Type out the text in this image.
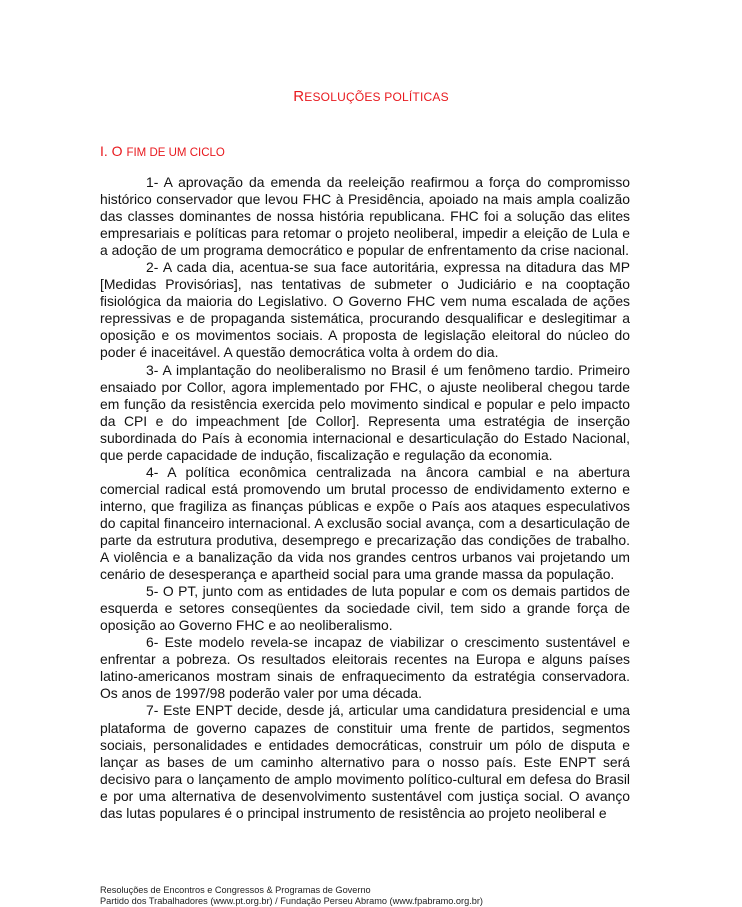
RESOLUÇÕES POLÍTICAS
I. O FIM DE UM CICLO

1- A aprovação da emenda da reeleição reafirmou a força do compromisso histórico conservador que levou FHC à Presidência, apoiado na mais ampla coalizão das classes dominantes de nossa história republicana. FHC foi a solução das elites empresariais e políticas para retomar o projeto neoliberal, impedir a eleição de Lula e a adoção de um programa democrático e popular de enfrentamento da crise nacional.

2- A cada dia, acentua-se sua face autoritária, expressa na ditadura das MP [Medidas Provisórias], nas tentativas de submeter o Judiciário e na cooptação fisiológica da maioria do Legislativo. O Governo FHC vem numa escalada de ações repressivas e de propaganda sistemática, procurando desqualificar e deslegitimar a oposição e os movimentos sociais. A proposta de legislação eleitoral do núcleo do poder é inaceitável. A questão democrática volta à ordem do dia.

3- A implantação do neoliberalismo no Brasil é um fenômeno tardio. Primeiro ensaiado por Collor, agora implementado por FHC, o ajuste neoliberal chegou tarde em função da resistência exercida pelo movimento sindical e popular e pelo impacto da CPI e do impeachment [de Collor]. Representa uma estratégia de inserção subordinada do País à economia internacional e desarticulação do Estado Nacional, que perde capacidade de indução, fiscalização e regulação da economia.

4- A política econômica centralizada na âncora cambial e na abertura comercial radical está promovendo um brutal processo de endividamento externo e interno, que fragiliza as finanças públicas e expõe o País aos ataques especulativos do capital financeiro internacional. A exclusão social avança, com a desarticulação de parte da estrutura produtiva, desemprego e precarização das condições de trabalho. A violência e a banalização da vida nos grandes centros urbanos vai projetando um cenário de desesperança e apartheid social para uma grande massa da população.

5- O PT, junto com as entidades de luta popular e com os demais partidos de esquerda e setores conseqüentes da sociedade civil, tem sido a grande força de oposição ao Governo FHC e ao neoliberalismo.

6- Este modelo revela-se incapaz de viabilizar o crescimento sustentável e enfrentar a pobreza. Os resultados eleitorais recentes na Europa e alguns países latino-americanos mostram sinais de enfraquecimento da estratégia conservadora. Os anos de 1997/98 poderão valer por uma década.

7- Este ENPT decide, desde já, articular uma candidatura presidencial e uma plataforma de governo capazes de constituir uma frente de partidos, segmentos sociais, personalidades e entidades democráticas, construir um pólo de disputa e lançar as bases de um caminho alternativo para o nosso país. Este ENPT será decisivo para o lançamento de amplo movimento político-cultural em defesa do Brasil e por uma alternativa de desenvolvimento sustentável com justiça social. O avanço das lutas populares é o principal instrumento de resistência ao projeto neoliberal e

Resoluções de Encontros e Congressos & Programas de Governo
Partido dos Trabalhadores (www.pt.org.br) / Fundação Perseu Abramo (www.fpabramo.org.br)
